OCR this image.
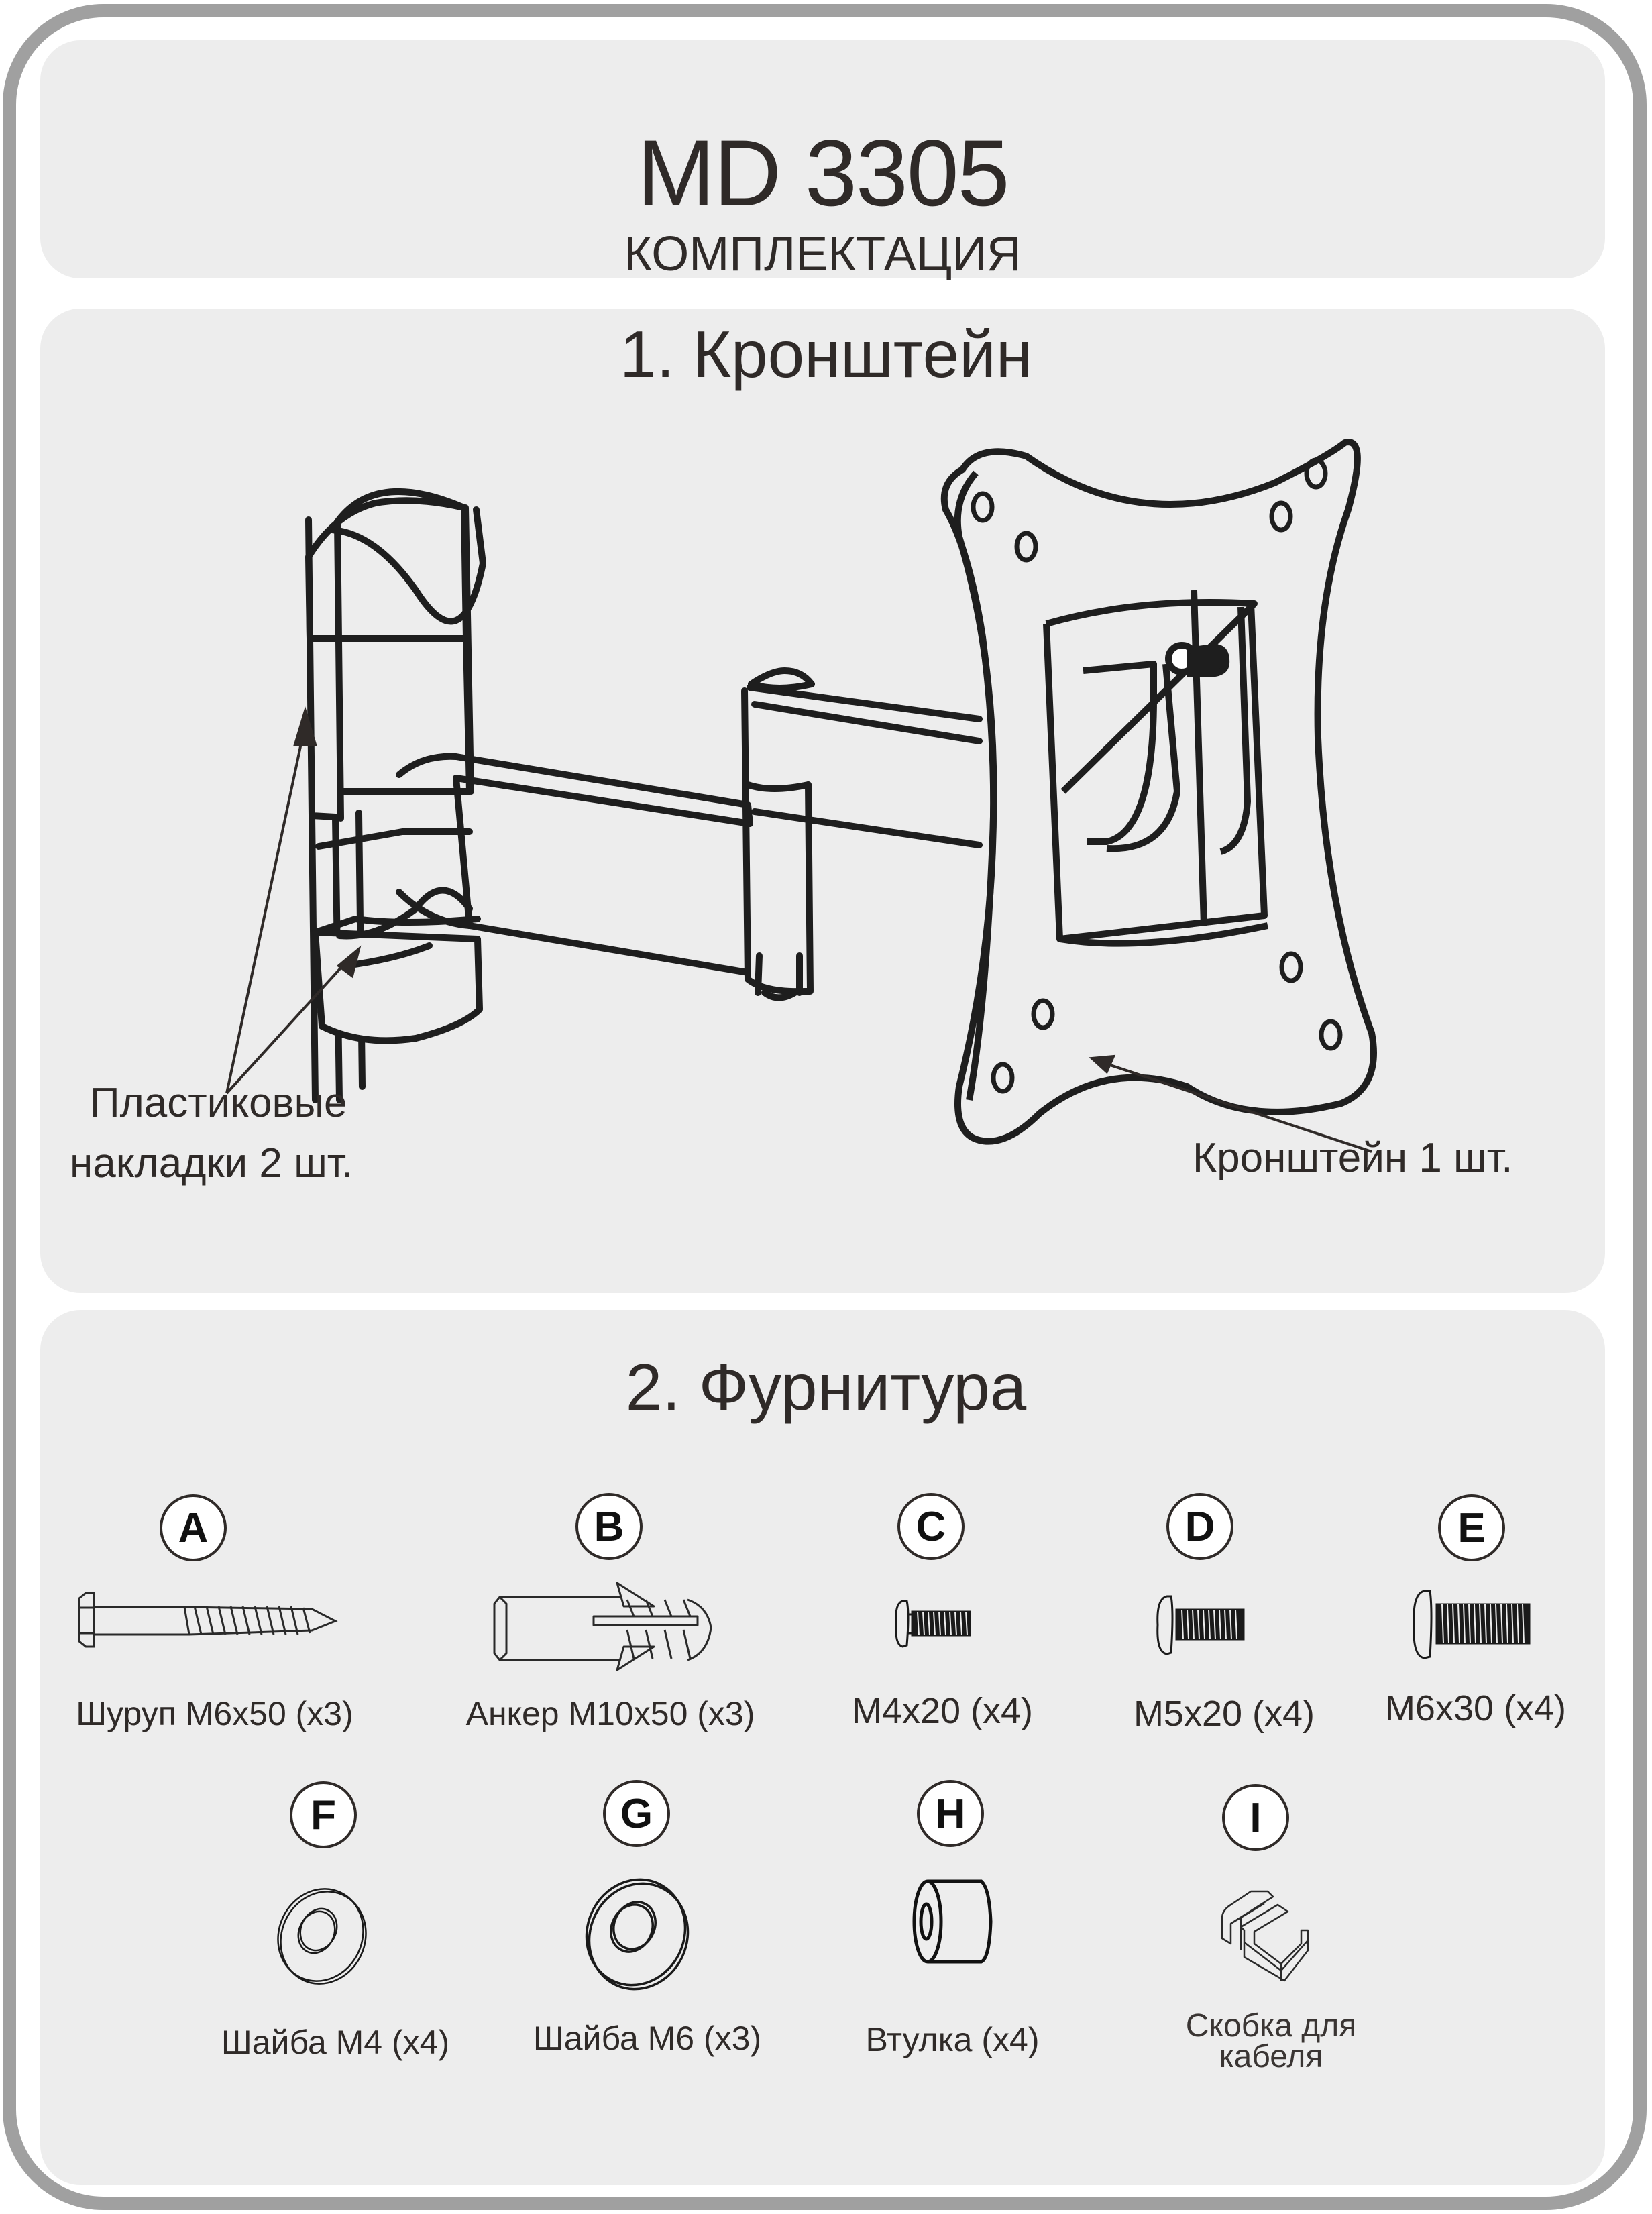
MD 3305
КОМПЛЕКТАЦИЯ
1. Кронштейн
Пластиковые
накладки 2 шт.	Кронштейн 1 шт.
2. Фурнитура
A	B	C	D	E
Шуруп M6x50 (x3)	Анкер M10x50 (x3)	M4x20 (x4)	M5x20 (x4)	M6x30 (x4)
F	G	H	I
Шайба M4 (x4)	Шайба M6 (x3)	Втулка (x4)	Скобка для
кабеля
